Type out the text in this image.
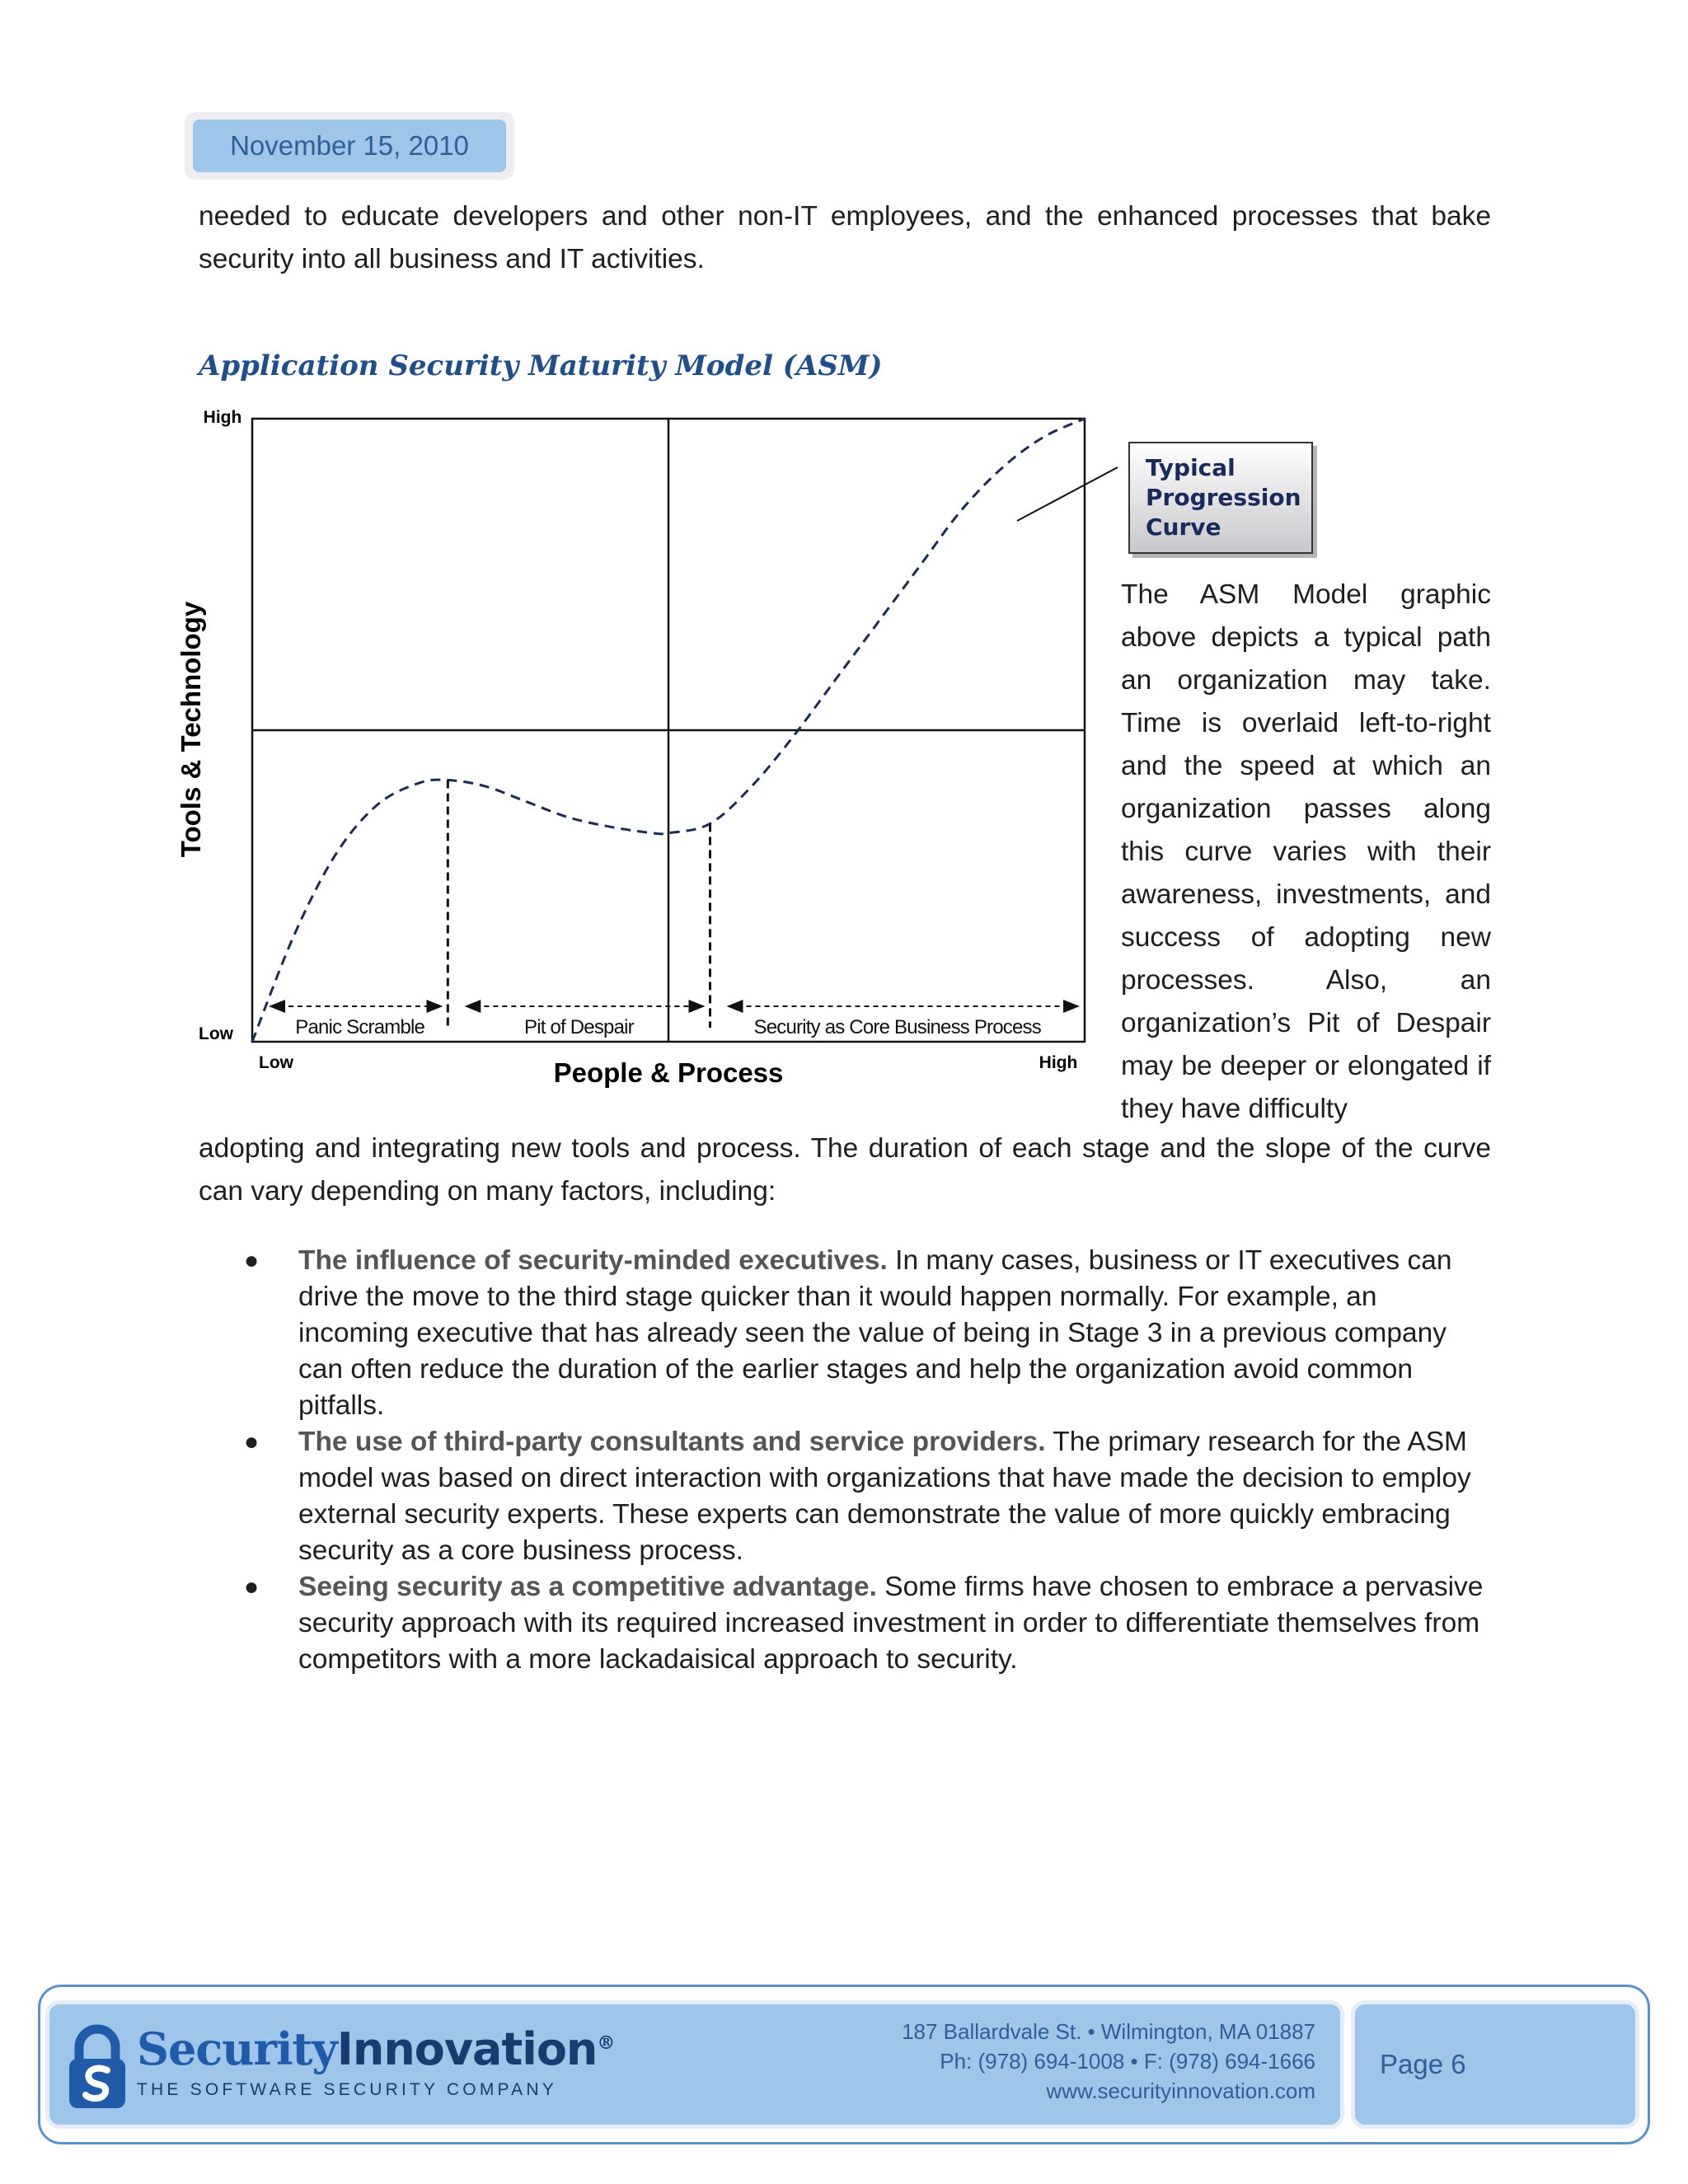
November 15, 2010
needed to educate developers and other non-IT employees, and the enhanced processes that bake security into all business and IT activities.
Application Security Maturity Model (ASM)
High
Low
Low	High
People & Process
Tools & Technology
Panic Scramble	Pit of Despair	Security as Core Business Process
Typical Progression Curve
The ASM Model graphic above depicts a typical path an organization may take. Time is overlaid left-to-right and the speed at which an organization passes along this curve varies with their awareness, investments, and success of adopting new processes. Also, an organization’s Pit of Despair may be deeper or elongated if they have difficulty
adopting and integrating new tools and process. The duration of each stage and the slope of the curve can vary depending on many factors, including:
● The influence of security-minded executives. In many cases, business or IT executives can drive the move to the third stage quicker than it would happen normally. For example, an incoming executive that has already seen the value of being in Stage 3 in a previous company can often reduce the duration of the earlier stages and help the organization avoid common pitfalls.
● The use of third-party consultants and service providers. The primary research for the ASM model was based on direct interaction with organizations that have made the decision to employ external security experts. These experts can demonstrate the value of more quickly embracing security as a core business process.
● Seeing security as a competitive advantage. Some firms have chosen to embrace a pervasive security approach with its required increased investment in order to differentiate themselves from competitors with a more lackadaisical approach to security.
Page 6
SecurityInnovation®
THE SOFTWARE SECURITY COMPANY
187 Ballardvale St. • Wilmington, MA 01887
Ph: (978) 694-1008 • F: (978) 694-1666
www.securityinnovation.com
